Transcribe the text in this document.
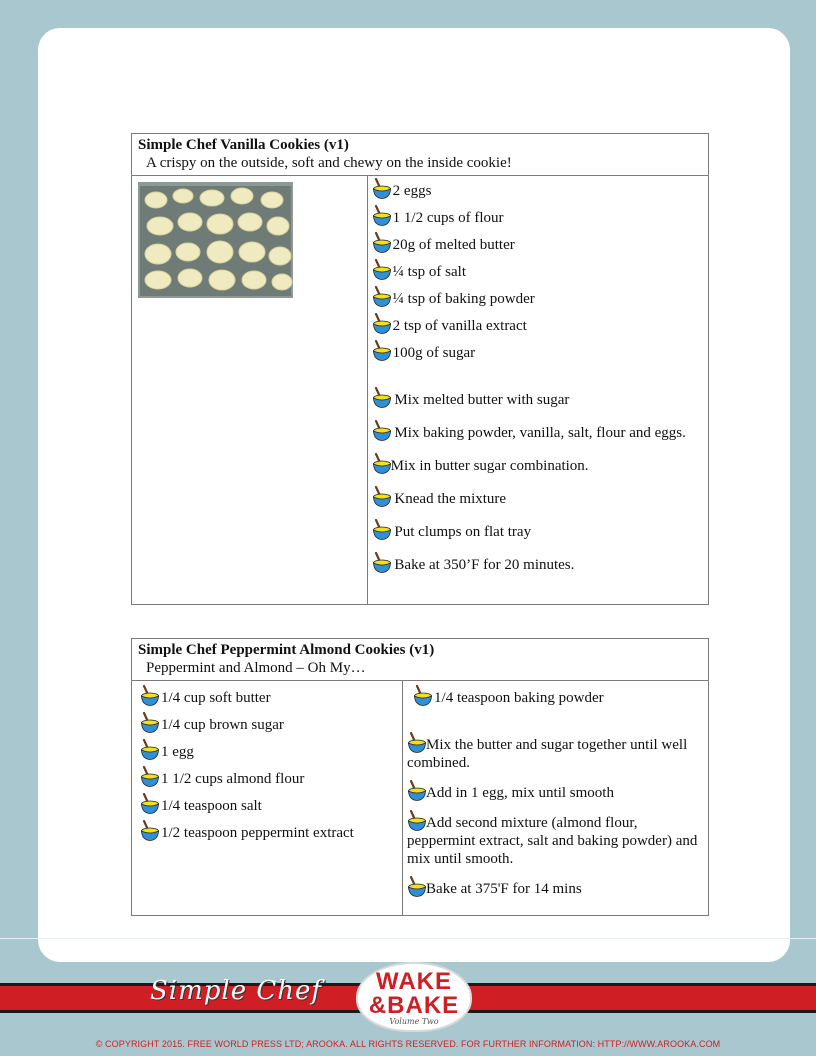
Simple Chef Vanilla Cookies (v1)
A crispy on the outside, soft and chewy on the inside cookie!

2 eggs
1 1/2 cups of flour
20g of melted butter
¼ tsp of salt
¼ tsp of baking powder
2 tsp of vanilla extract
100g of sugar
Mix melted butter with sugar
Mix baking powder, vanilla, salt, flour and eggs.
Mix in butter sugar combination.
Knead the mixture
Put clumps on flat tray
Bake at 350’F for 20 minutes.
Simple Chef Peppermint Almond Cookies (v1)
Peppermint and Almond – Oh My…

1/4 cup soft butter
1/4 cup brown sugar
1 egg
1 1/2 cups almond flour
1/4 teaspoon salt
1/2 teaspoon peppermint extract

1/4 teaspoon baking powder
Mix the butter and sugar together until well combined.
Add in 1 egg, mix until smooth
Add second mixture (almond flour, peppermint extract, salt and baking powder) and mix until smooth.
Bake at 375'F for 14 mins
Simple Chef	WAKE
&BAKE
Volume Two
© COPYRIGHT 2015. FREE WORLD PRESS LTD; AROOKA. ALL RIGHTS RESERVED. FOR FURTHER INFORMATION: HTTP://WWW.AROOKA.COM
